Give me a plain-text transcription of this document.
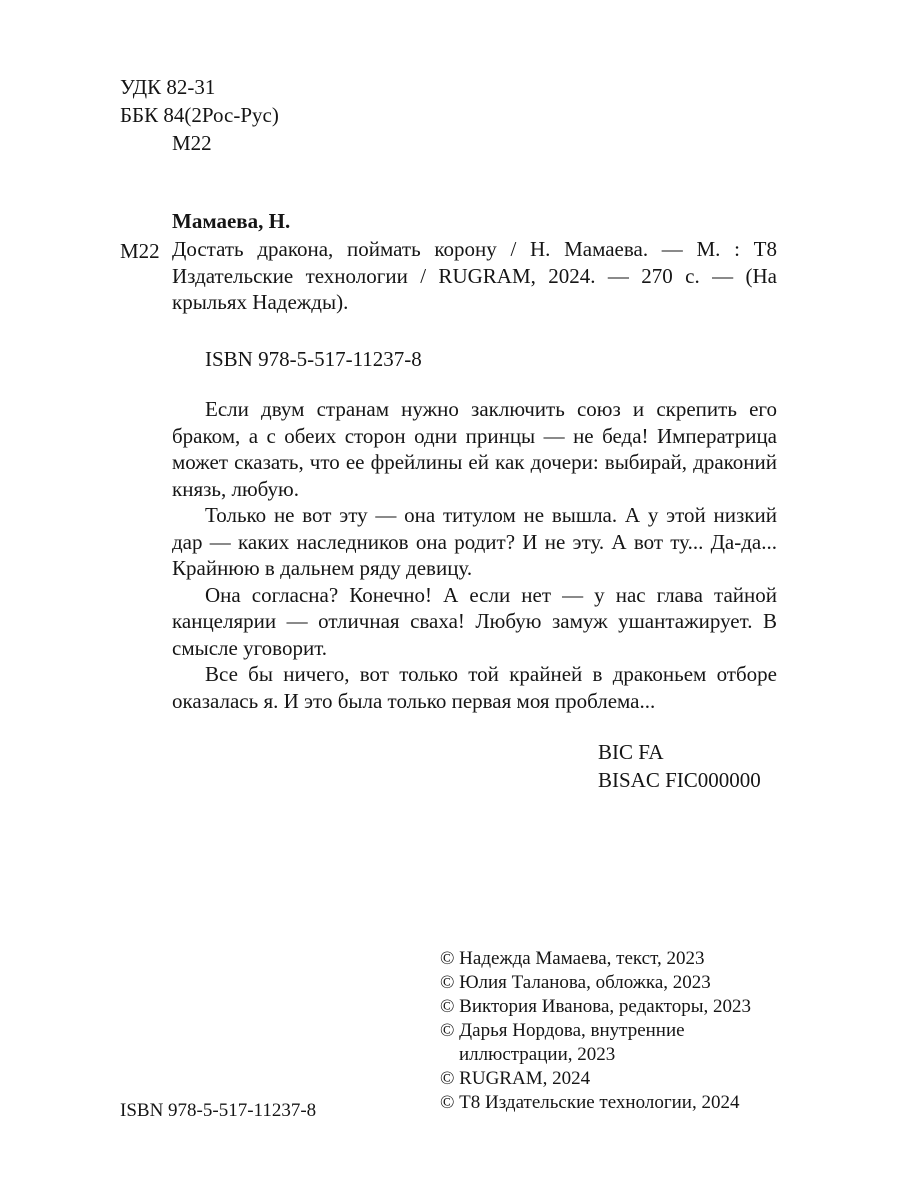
УДК 82-31
ББК 84(2Рос-Рус)
М22
Мамаева, Н.
М22 Достать дракона, поймать корону / Н. Мамаева. — М. : Т8 Издательские технологии / RUGRAM, 2024. — 270 с. — (На крыльях Надежды).
ISBN 978-5-517-11237-8

Если двум странам нужно заключить союз и скрепить его браком, а с обеих сторон одни принцы — не беда! Императрица может сказать, что ее фрейлины ей как дочери: выбирай, драконий князь, любую.

Только не вот эту — она титулом не вышла. А у этой низкий дар — каких наследников она родит? И не эту. А вот ту... Да-да... Крайнюю в дальнем ряду девицу.

Она согласна? Конечно! А если нет — у нас глава тайной канцелярии — отличная сваха! Любую замуж ушантажирует. В смысле уговорит.

Все бы ничего, вот только той крайней в драконьем отборе оказалась я. И это была только первая моя проблема...

BIC FA
BISAC FIC000000
© Надежда Мамаева, текст, 2023
© Юлия Таланова, обложка, 2023
© Виктория Иванова, редакторы, 2023
© Дарья Нордова, внутренние иллюстрации, 2023
© RUGRAM, 2024
© Т8 Издательские технологии, 2024
ISBN 978-5-517-11237-8
